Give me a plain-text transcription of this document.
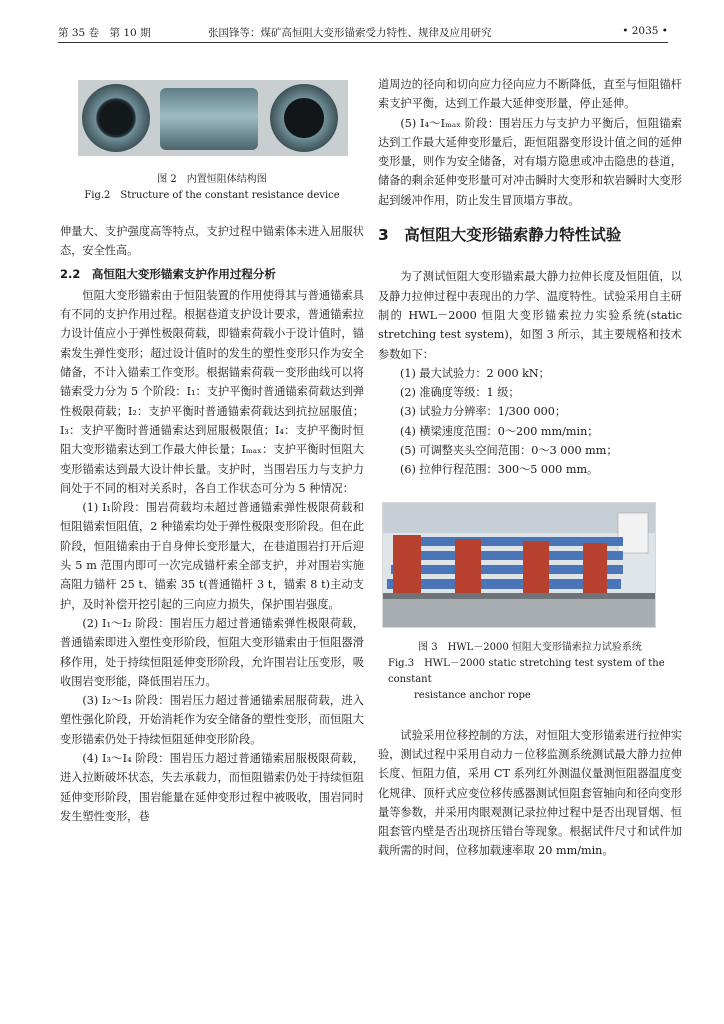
第 35 卷　第 10 期	张国锋等：煤矿高恒阻大变形锚索受力特性、规律及应用研究	• 2035 •

图 2　内置恒阻体结构图

Fig.2　Structure of the constant resistance device

伸量大、支护强度高等特点，支护过程中锚索体未进入屈服状态，安全性高。

2.2　高恒阻大变形锚索支护作用过程分析

恒阻大变形锚索由于恒阻装置的作用使得其与普通锚索具有不同的支护作用过程。根据巷道支护设计要求，普通锚索拉力设计值应小于弹性极限荷载，即锚索荷载小于设计值时，锚索发生弹性变形；超过设计值时的发生的塑性变形只作为安全储备，不计入锚索工作变形。根据锚索荷载－变形曲线可以将锚索受力分为 5 个阶段：I₁：支护平衡时普通锚索荷载达到弹性极限荷载；I₂：支护平衡时普通锚索荷载达到抗拉屈服值；I₃：支护平衡时普通锚索达到屈服极限值；I₄：支护平衡时恒阻大变形锚索达到工作最大伸长量；Iₘₐₓ：支护平衡时恒阻大变形锚索达到最大设计伸长量。支护时，当围岩压力与支护力间处于不同的相对关系时，各自工作状态可分为 5 种情况：

(1) I₁阶段：围岩荷载均未超过普通锚索弹性极限荷载和恒阻锚索恒阻值，2 种锚索均处于弹性极限变形阶段。但在此阶段，恒阻锚索由于自身伸长变形量大，在巷道围岩打开后迎头 5 m 范围内即可一次完成锚杆索全部支护，并对围岩实施高阻力锚杆 25 t、锚索 35 t(普通锚杆 3 t，锚索 8 t)主动支护，及时补偿开挖引起的三向应力损失，保护围岩强度。

(2) I₁～I₂ 阶段：围岩压力超过普通锚索弹性极限荷载，普通锚索即进入塑性变形阶段，恒阻大变形锚索由于恒阻器滑移作用，处于持续恒阻延伸变形阶段，允许围岩让压变形，吸收围岩变形能，降低围岩压力。

(3) I₂～I₃ 阶段：围岩压力超过普通锚索屈服荷载，进入塑性强化阶段，开始消耗作为安全储备的塑性变形，而恒阻大变形锚索仍处于持续恒阻延伸变形阶段。

(4) I₃～I₄ 阶段：围岩压力超过普通锚索屈服极限荷载，进入拉断破坏状态，失去承载力，而恒阻锚索仍处于持续恒阻延伸变形阶段，围岩能量在延伸变形过程中被吸收，围岩同时发生塑性变形，巷

道周边的径向和切向应力径向应力不断降低，直至与恒阻锚杆索支护平衡，达到工作最大延伸变形量，停止延伸。

(5) I₄～Iₘₐₓ 阶段：围岩压力与支护力平衡后，恒阻锚索达到工作最大延伸变形量后，距恒阻器变形设计值之间的延伸变形量，则作为安全储备，对有塌方隐患或冲击隐患的巷道，储备的剩余延伸变形量可对冲击瞬时大变形和软岩瞬时大变形起到缓冲作用，防止发生冒顶塌方事故。

3　高恒阻大变形锚索静力特性试验

为了测试恒阻大变形锚索最大静力拉伸长度及恒阻值，以及静力拉伸过程中表现出的力学、温度特性。试验采用自主研制的 HWL－2000 恒阻大变形锚索拉力实验系统(static stretching test system)，如图 3 所示，其主要规格和技术参数如下：

(1) 最大试验力：2 000 kN；
(2) 准确度等级：1 级；
(3) 试验力分辨率：1/300 000；
(4) 横梁速度范围：0～200 mm/min；
(5) 可调整夹头空间范围：0～3 000 mm；
(6) 拉伸行程范围：300～5 000 mm。

图 3　HWL－2000 恒阻大变形锚索拉力试验系统

Fig.3　HWL－2000 static stretching test system of the constant

resistance anchor rope

试验采用位移控制的方法，对恒阻大变形锚索进行拉伸实验，测试过程中采用自动力－位移监测系统测试最大静力拉伸长度、恒阻力值，采用 CT 系列红外测温仪量测恒阻器温度变化规律、顶杆式应变位移传感器测试恒阻套管轴向和径向变形量等参数，并采用肉眼观测记录拉伸过程中是否出现冒烟、恒阻套管内壁是否出现挤压错台等现象。根据试件尺寸和试件加载所需的时间，位移加载速率取 20 mm/min。
